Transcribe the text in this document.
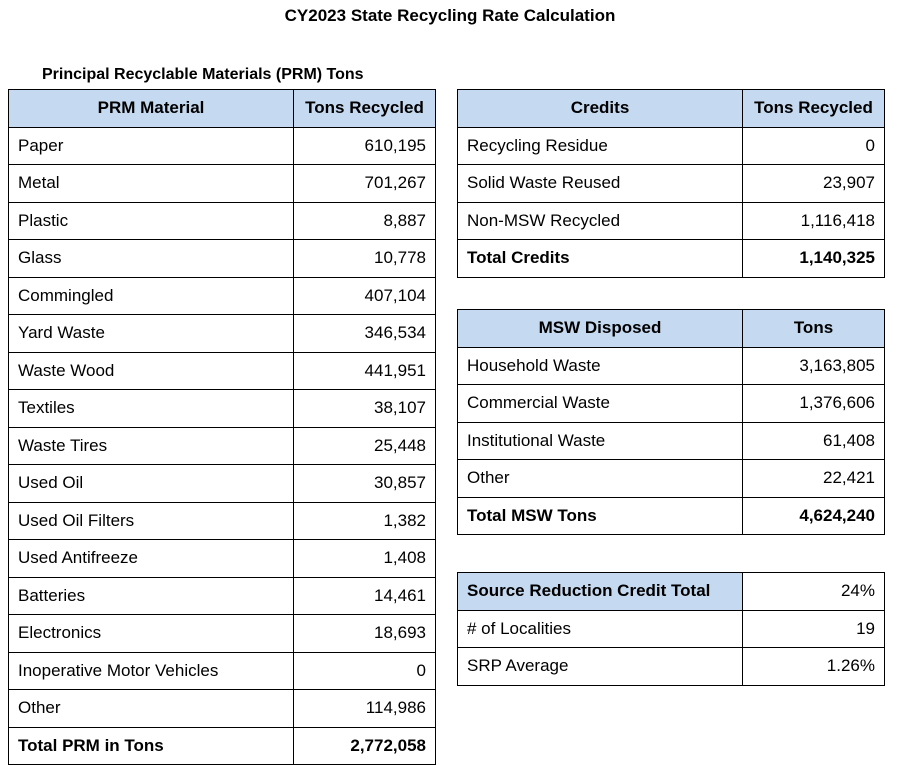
CY2023 State Recycling Rate Calculation
Principal Recyclable Materials (PRM) Tons
PRM Material	Tons Recycled
Paper	610,195
Metal	701,267
Plastic	8,887
Glass	10,778
Commingled	407,104
Yard Waste	346,534
Waste Wood	441,951
Textiles	38,107
Waste Tires	25,448
Used Oil	30,857
Used Oil Filters	1,382
Used Antifreeze	1,408
Batteries	14,461
Electronics	18,693
Inoperative Motor Vehicles	0
Other	114,986
Total PRM in Tons	2,772,058
Credits	Tons Recycled
Recycling Residue	0
Solid Waste Reused	23,907
Non-MSW Recycled	1,116,418
Total Credits	1,140,325
MSW Disposed	Tons
Household Waste	3,163,805
Commercial Waste	1,376,606
Institutional Waste	61,408
Other	22,421
Total MSW Tons	4,624,240
Source Reduction Credit Total	24%
# of Localities	19
SRP Average	1.26%
